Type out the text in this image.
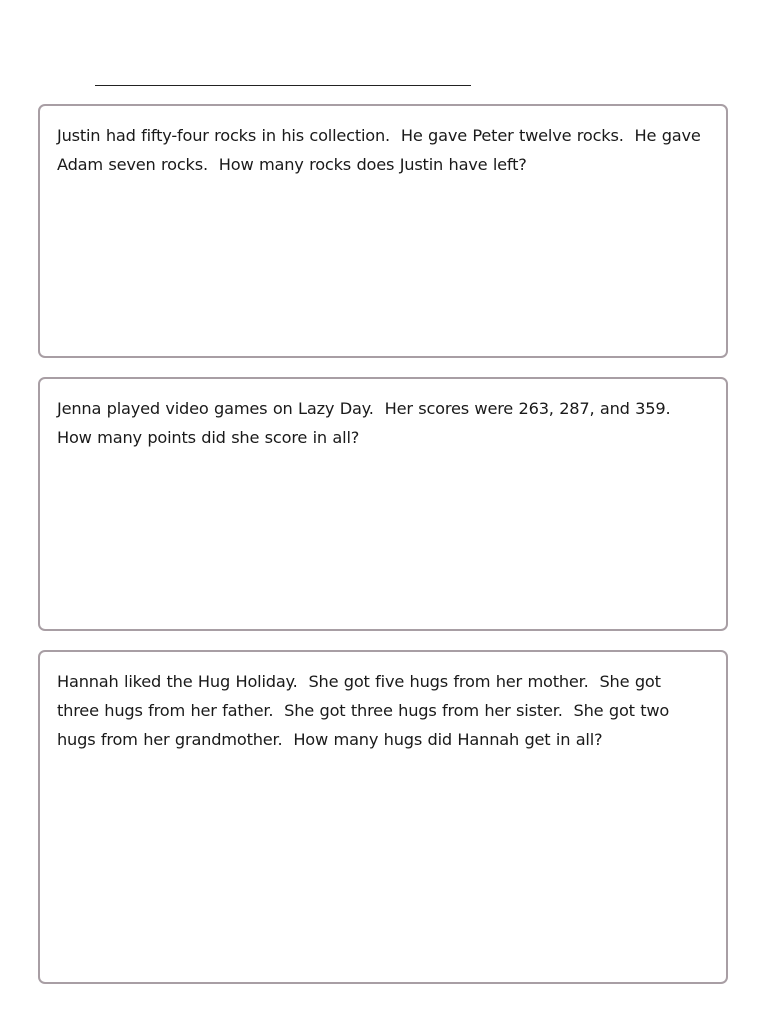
Justin had fifty-four rocks in his collection.  He gave Peter twelve rocks.  He gave Adam seven rocks.  How many rocks does Justin have left?

Jenna played video games on Lazy Day.  Her scores were 263, 287, and 359.  How many points did she score in all?

Hannah liked the Hug Holiday.  She got five hugs from her mother.  She got three hugs from her father.  She got three hugs from her sister.  She got two hugs from her grandmother.  How many hugs did Hannah get in all?
